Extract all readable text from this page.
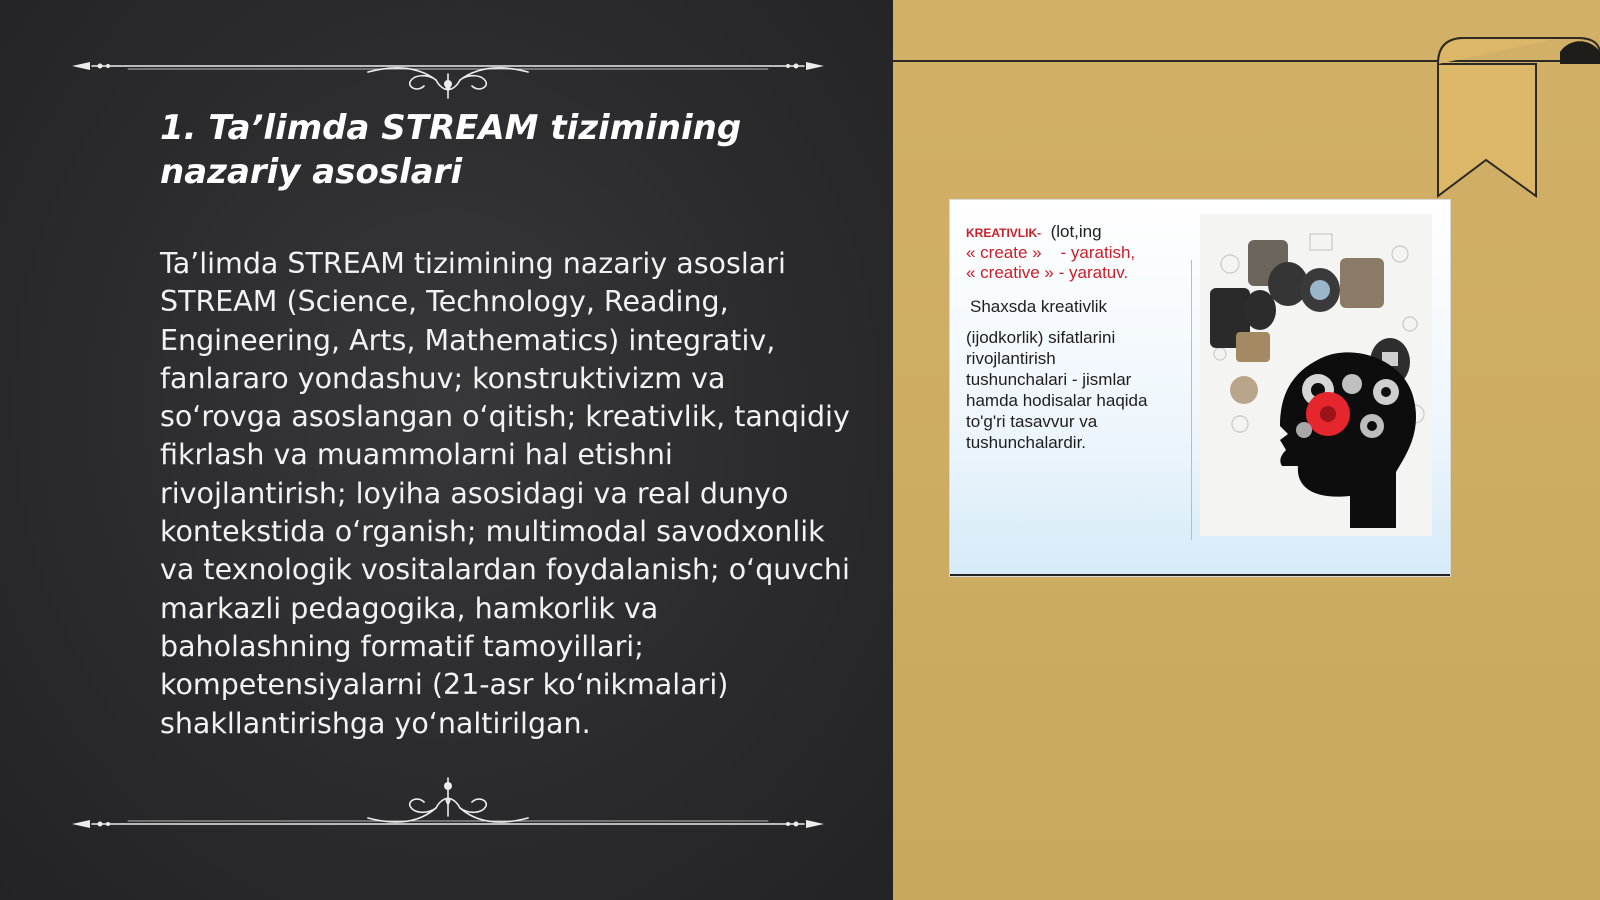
1. Ta’limda STREAM tizimining nazariy asoslari

Ta’limda STREAM tizimining nazariy asoslari STREAM (Science, Technology, Reading, Engineering, Arts, Mathematics) integrativ, fanlararo yondashuv; konstruktivizm va so‘rovga asoslangan o‘qitish; kreativlik, tanqidiy fikrlash va muammolarni hal etishni rivojlantirish; loyiha asosidagi va real dunyo kontekstida o‘rganish; multimodal savodxonlik va texnologik vositalardan foydalanish; o‘quvchi markazli pedagogika, hamkorlik va baholashning formatif tamoyillari; kompetensiyalarni (21-asr ko‘nikmalari) shakllantirishga yo‘naltirilgan.

KREATIVLIK- (lot,ing
« create » - yaratish,
« creative » - yaratuv.
Shaxsda kreativlik
(ijodkorlik) sifatlarini
rivojlantirish
tushunchalari - jismlar
hamda hodisalar haqida
to'g'ri tasavvur va
tushunchalardir.
